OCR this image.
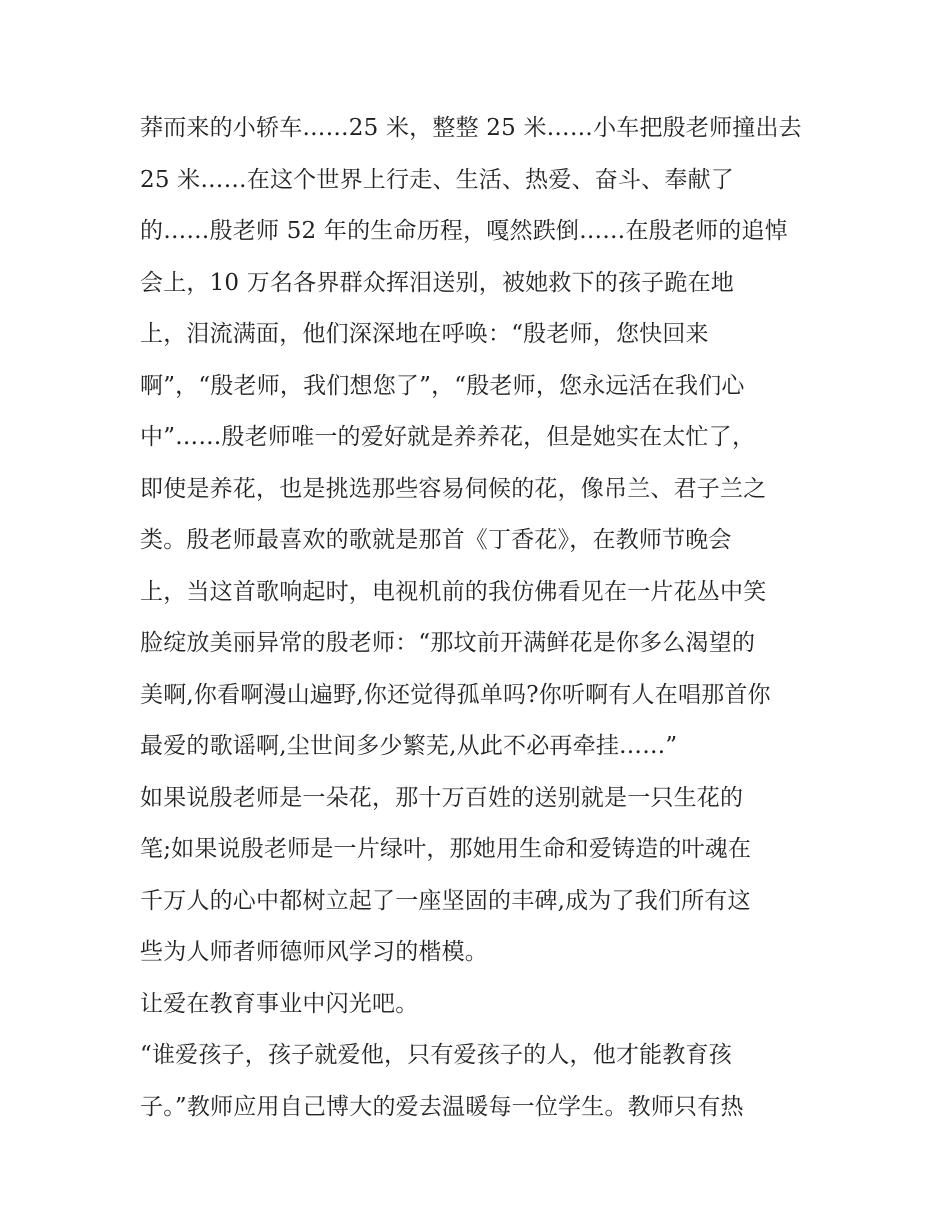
莽而来的小轿车……25 米，整整 25 米……小车把殷老师撞出去
25 米……在这个世界上行走、生活、热爱、奋斗、奉献了
的……殷老师 52 年的生命历程，嘎然跌倒……在殷老师的追悼
会上，10 万名各界群众挥泪送别，被她救下的孩子跪在地
上，泪流满面，他们深深地在呼唤：“殷老师，您快回来
啊”，“殷老师，我们想您了”，“殷老师，您永远活在我们心
中”……殷老师唯一的爱好就是养养花，但是她实在太忙了，
即使是养花，也是挑选那些容易伺候的花，像吊兰、君子兰之
类。殷老师最喜欢的歌就是那首《丁香花》，在教师节晚会
上，当这首歌响起时，电视机前的我仿佛看见在一片花丛中笑
脸绽放美丽异常的殷老师：“那坟前开满鲜花是你多么渴望的
美啊,你看啊漫山遍野,你还觉得孤单吗?你听啊有人在唱那首你
最爱的歌谣啊,尘世间多少繁芜,从此不必再牵挂……”
如果说殷老师是一朵花，那十万百姓的送别就是一只生花的
笔;如果说殷老师是一片绿叶，那她用生命和爱铸造的叶魂在
千万人的心中都树立起了一座坚固的丰碑,成为了我们所有这
些为人师者师德师风学习的楷模。
让爱在教育事业中闪光吧。
“谁爱孩子，孩子就爱他，只有爱孩子的人，他才能教育孩
子。”教师应用自己博大的爱去温暖每一位学生。教师只有热
